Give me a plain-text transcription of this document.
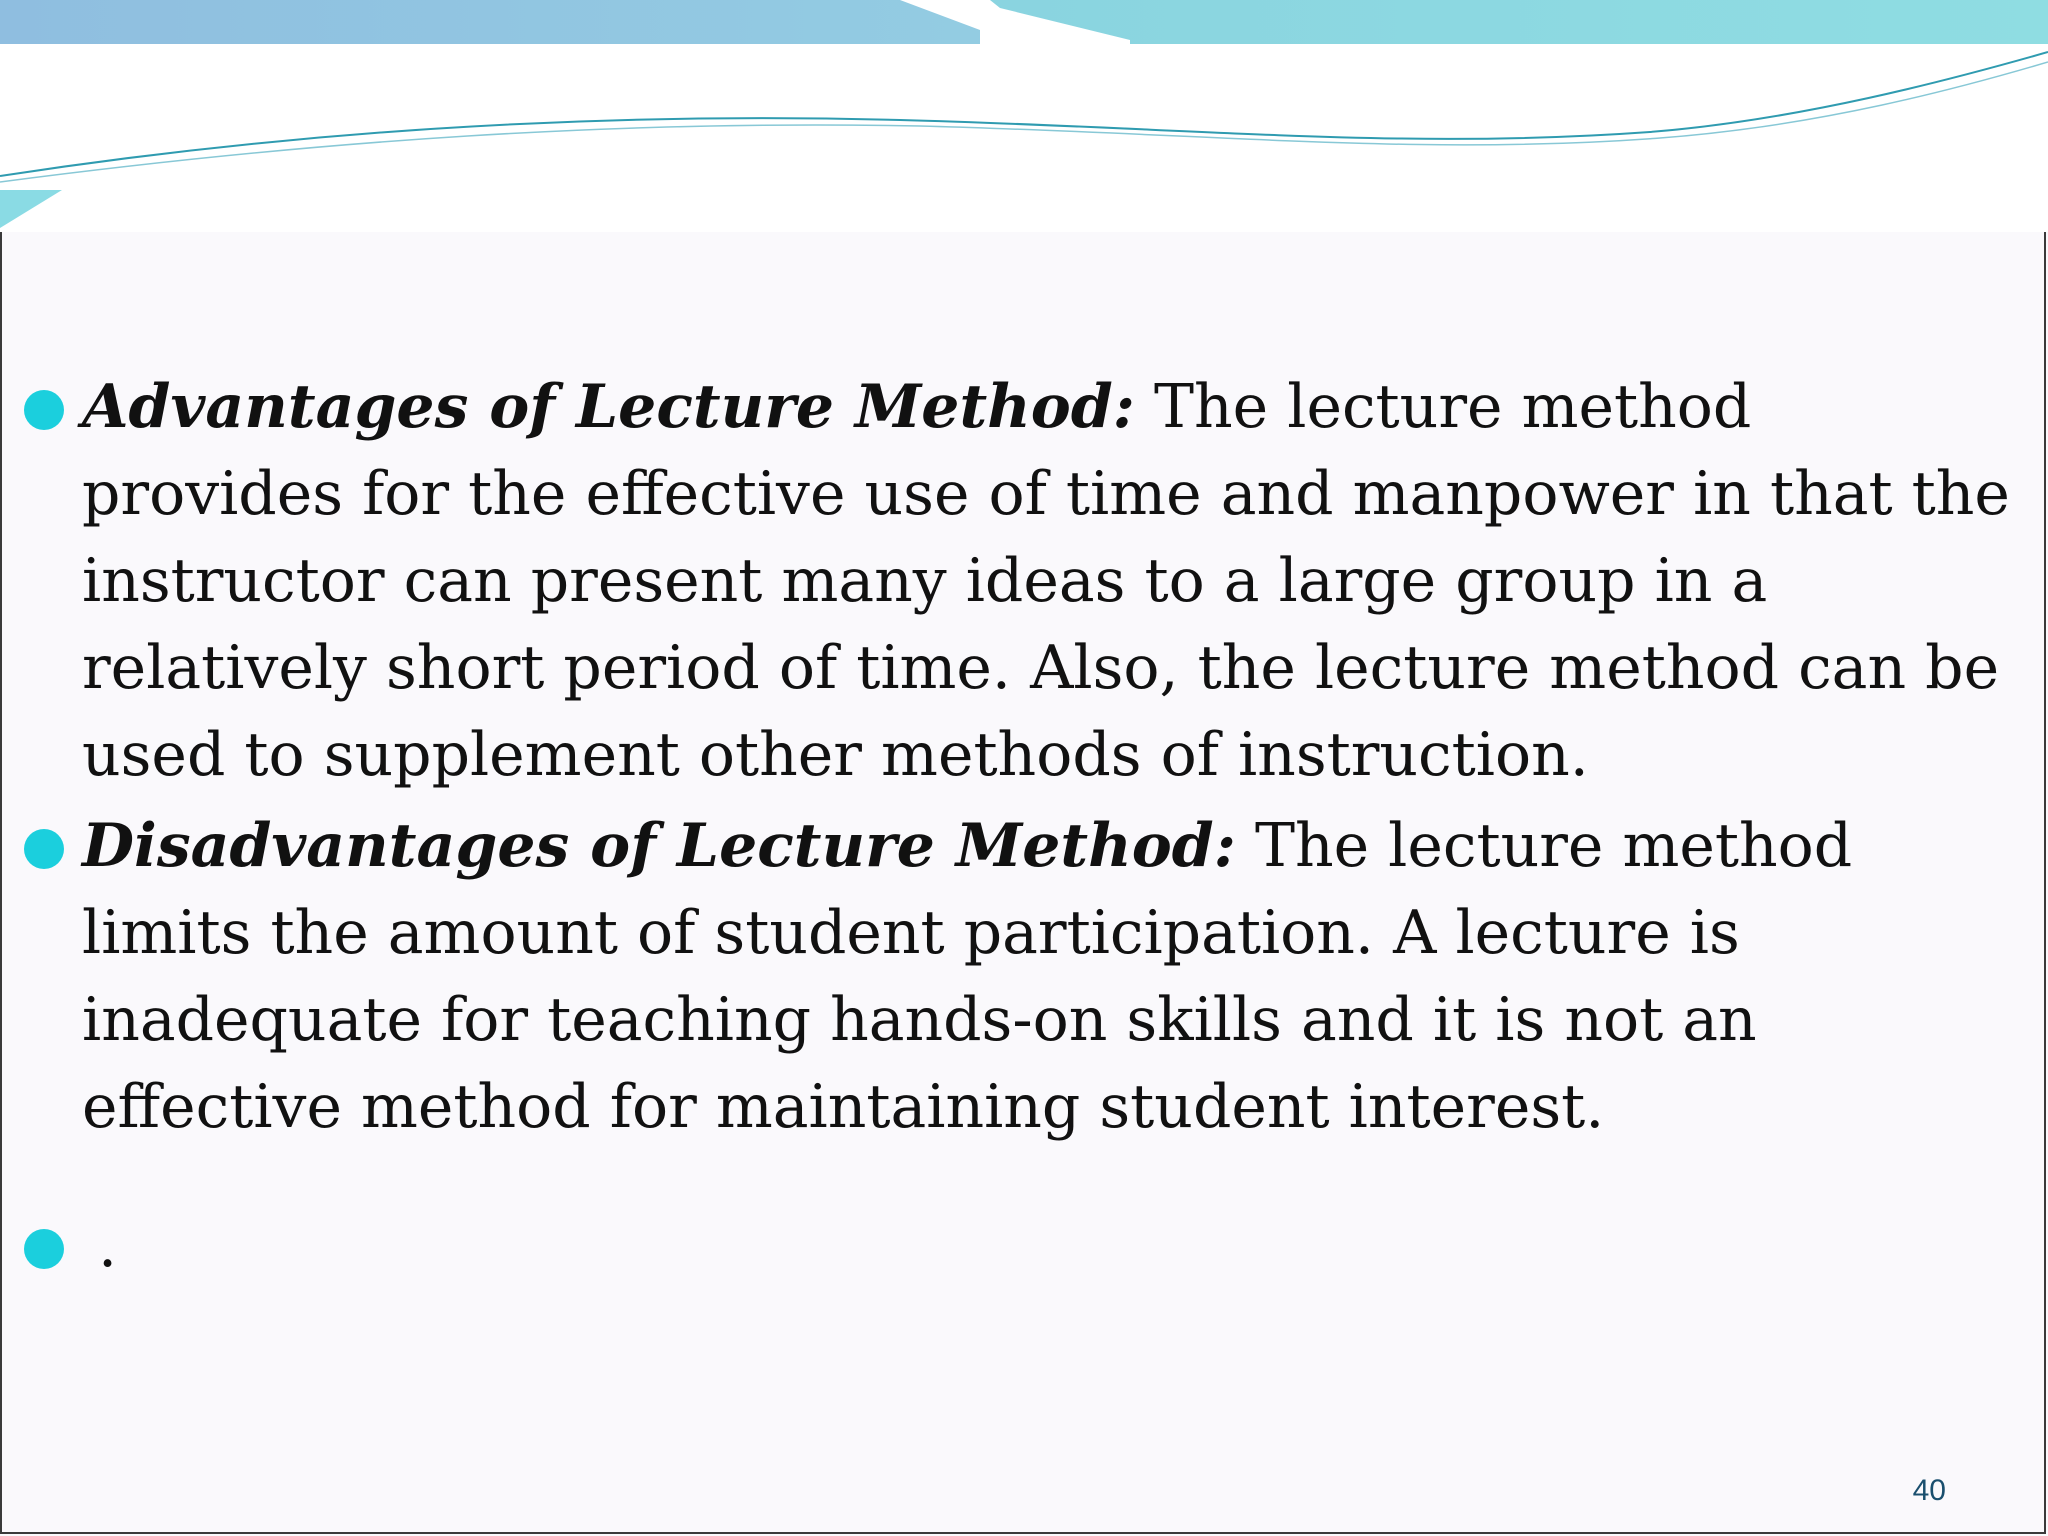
Advantages of Lecture Method: The lecture method provides for the effective use of time and manpower in that the instructor can present many ideas to a large group in a relatively short period of time. Also, the lecture method can be used to supplement other methods of instruction.
Disadvantages of Lecture Method: The lecture method limits the amount of student participation. A lecture is inadequate for teaching hands-on skills and it is not an effective method for maintaining student interest.
.
40
